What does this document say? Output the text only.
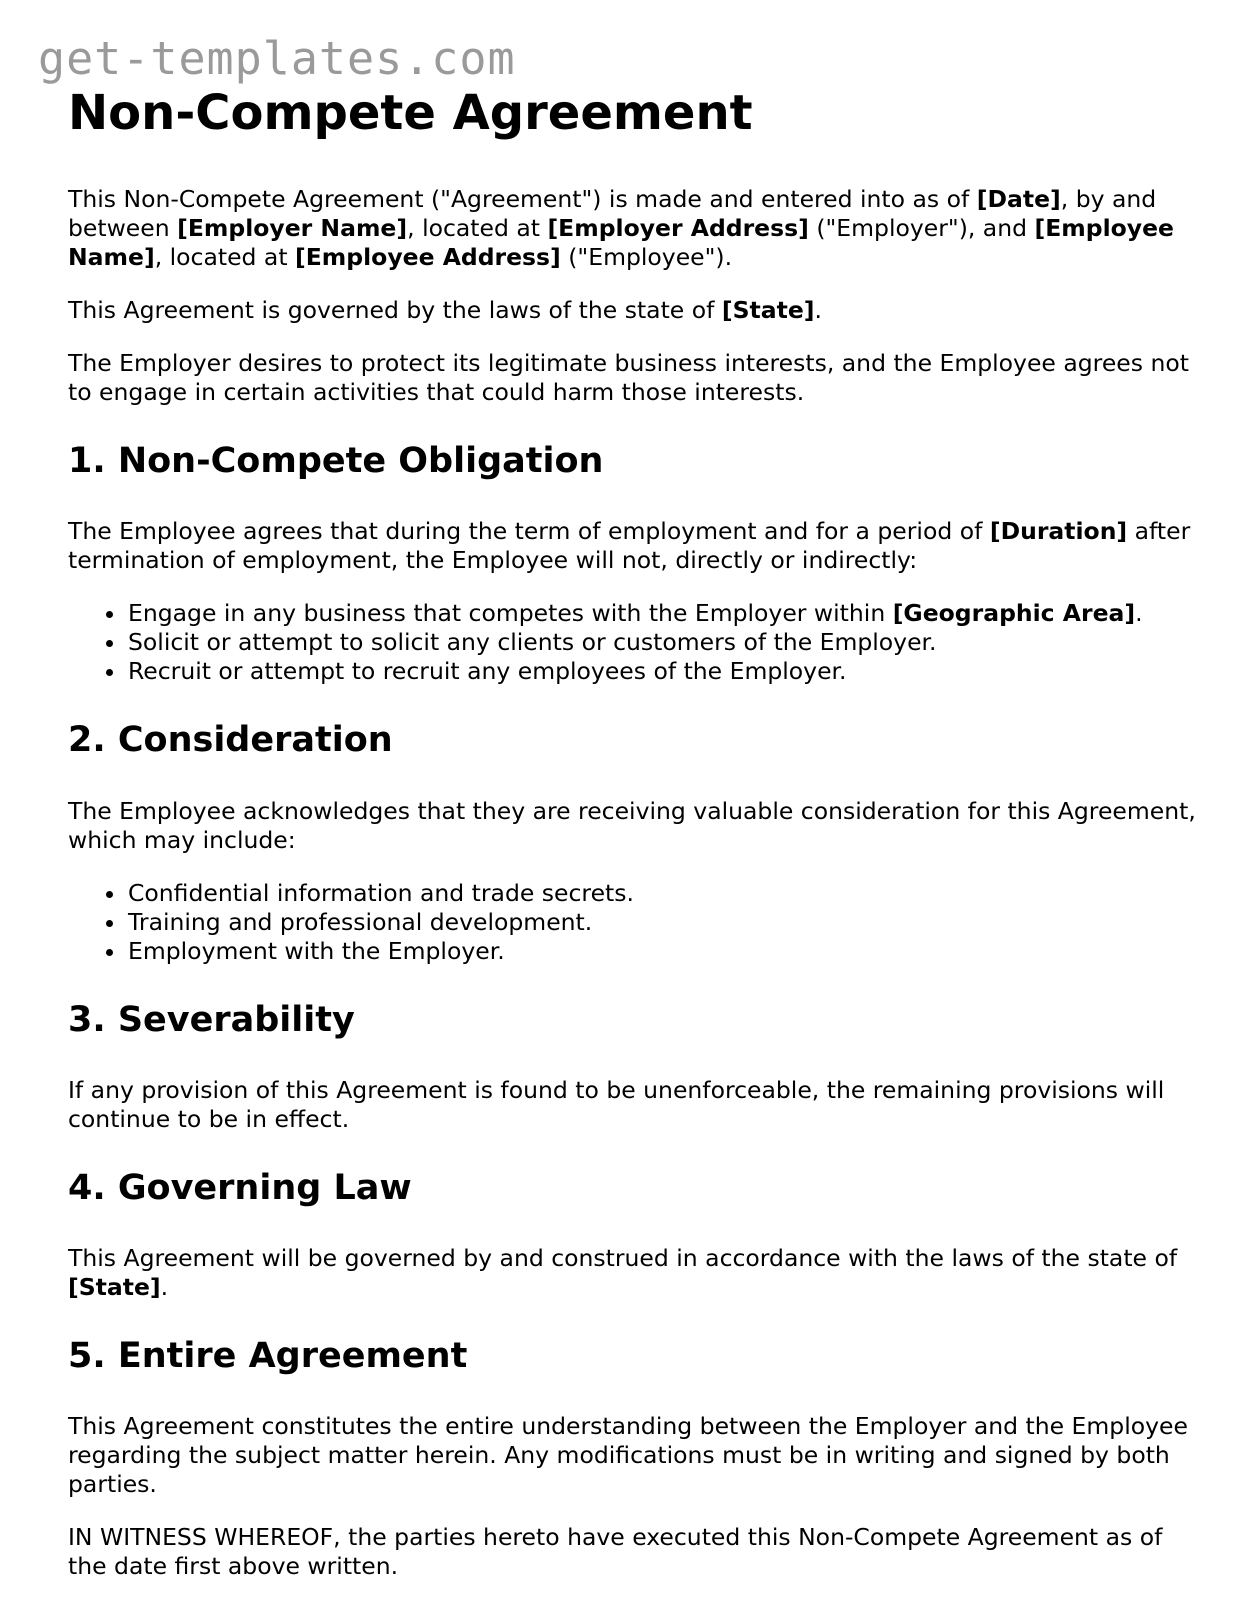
get-templates.com
Non-Compete Agreement

This Non-Compete Agreement ("Agreement") is made and entered into as of [Date], by and between [Employer Name], located at [Employer Address] ("Employer"), and [Employee Name], located at [Employee Address] ("Employee").

This Agreement is governed by the laws of the state of [State].

The Employer desires to protect its legitimate business interests, and the Employee agrees not to engage in certain activities that could harm those interests.

1. Non-Compete Obligation

The Employee agrees that during the term of employment and for a period of [Duration] after termination of employment, the Employee will not, directly or indirectly:

Engage in any business that competes with the Employer within [Geographic Area].
Solicit or attempt to solicit any clients or customers of the Employer.
Recruit or attempt to recruit any employees of the Employer.
2. Consideration

The Employee acknowledges that they are receiving valuable consideration for this Agreement, which may include:

Confidential information and trade secrets.
Training and professional development.
Employment with the Employer.
3. Severability

If any provision of this Agreement is found to be unenforceable, the remaining provisions will continue to be in effect.

4. Governing Law

This Agreement will be governed by and construed in accordance with the laws of the state of [State].

5. Entire Agreement

This Agreement constitutes the entire understanding between the Employer and the Employee regarding the subject matter herein. Any modifications must be in writing and signed by both parties.

IN WITNESS WHEREOF, the parties hereto have executed this Non-Compete Agreement as of the date first above written.
